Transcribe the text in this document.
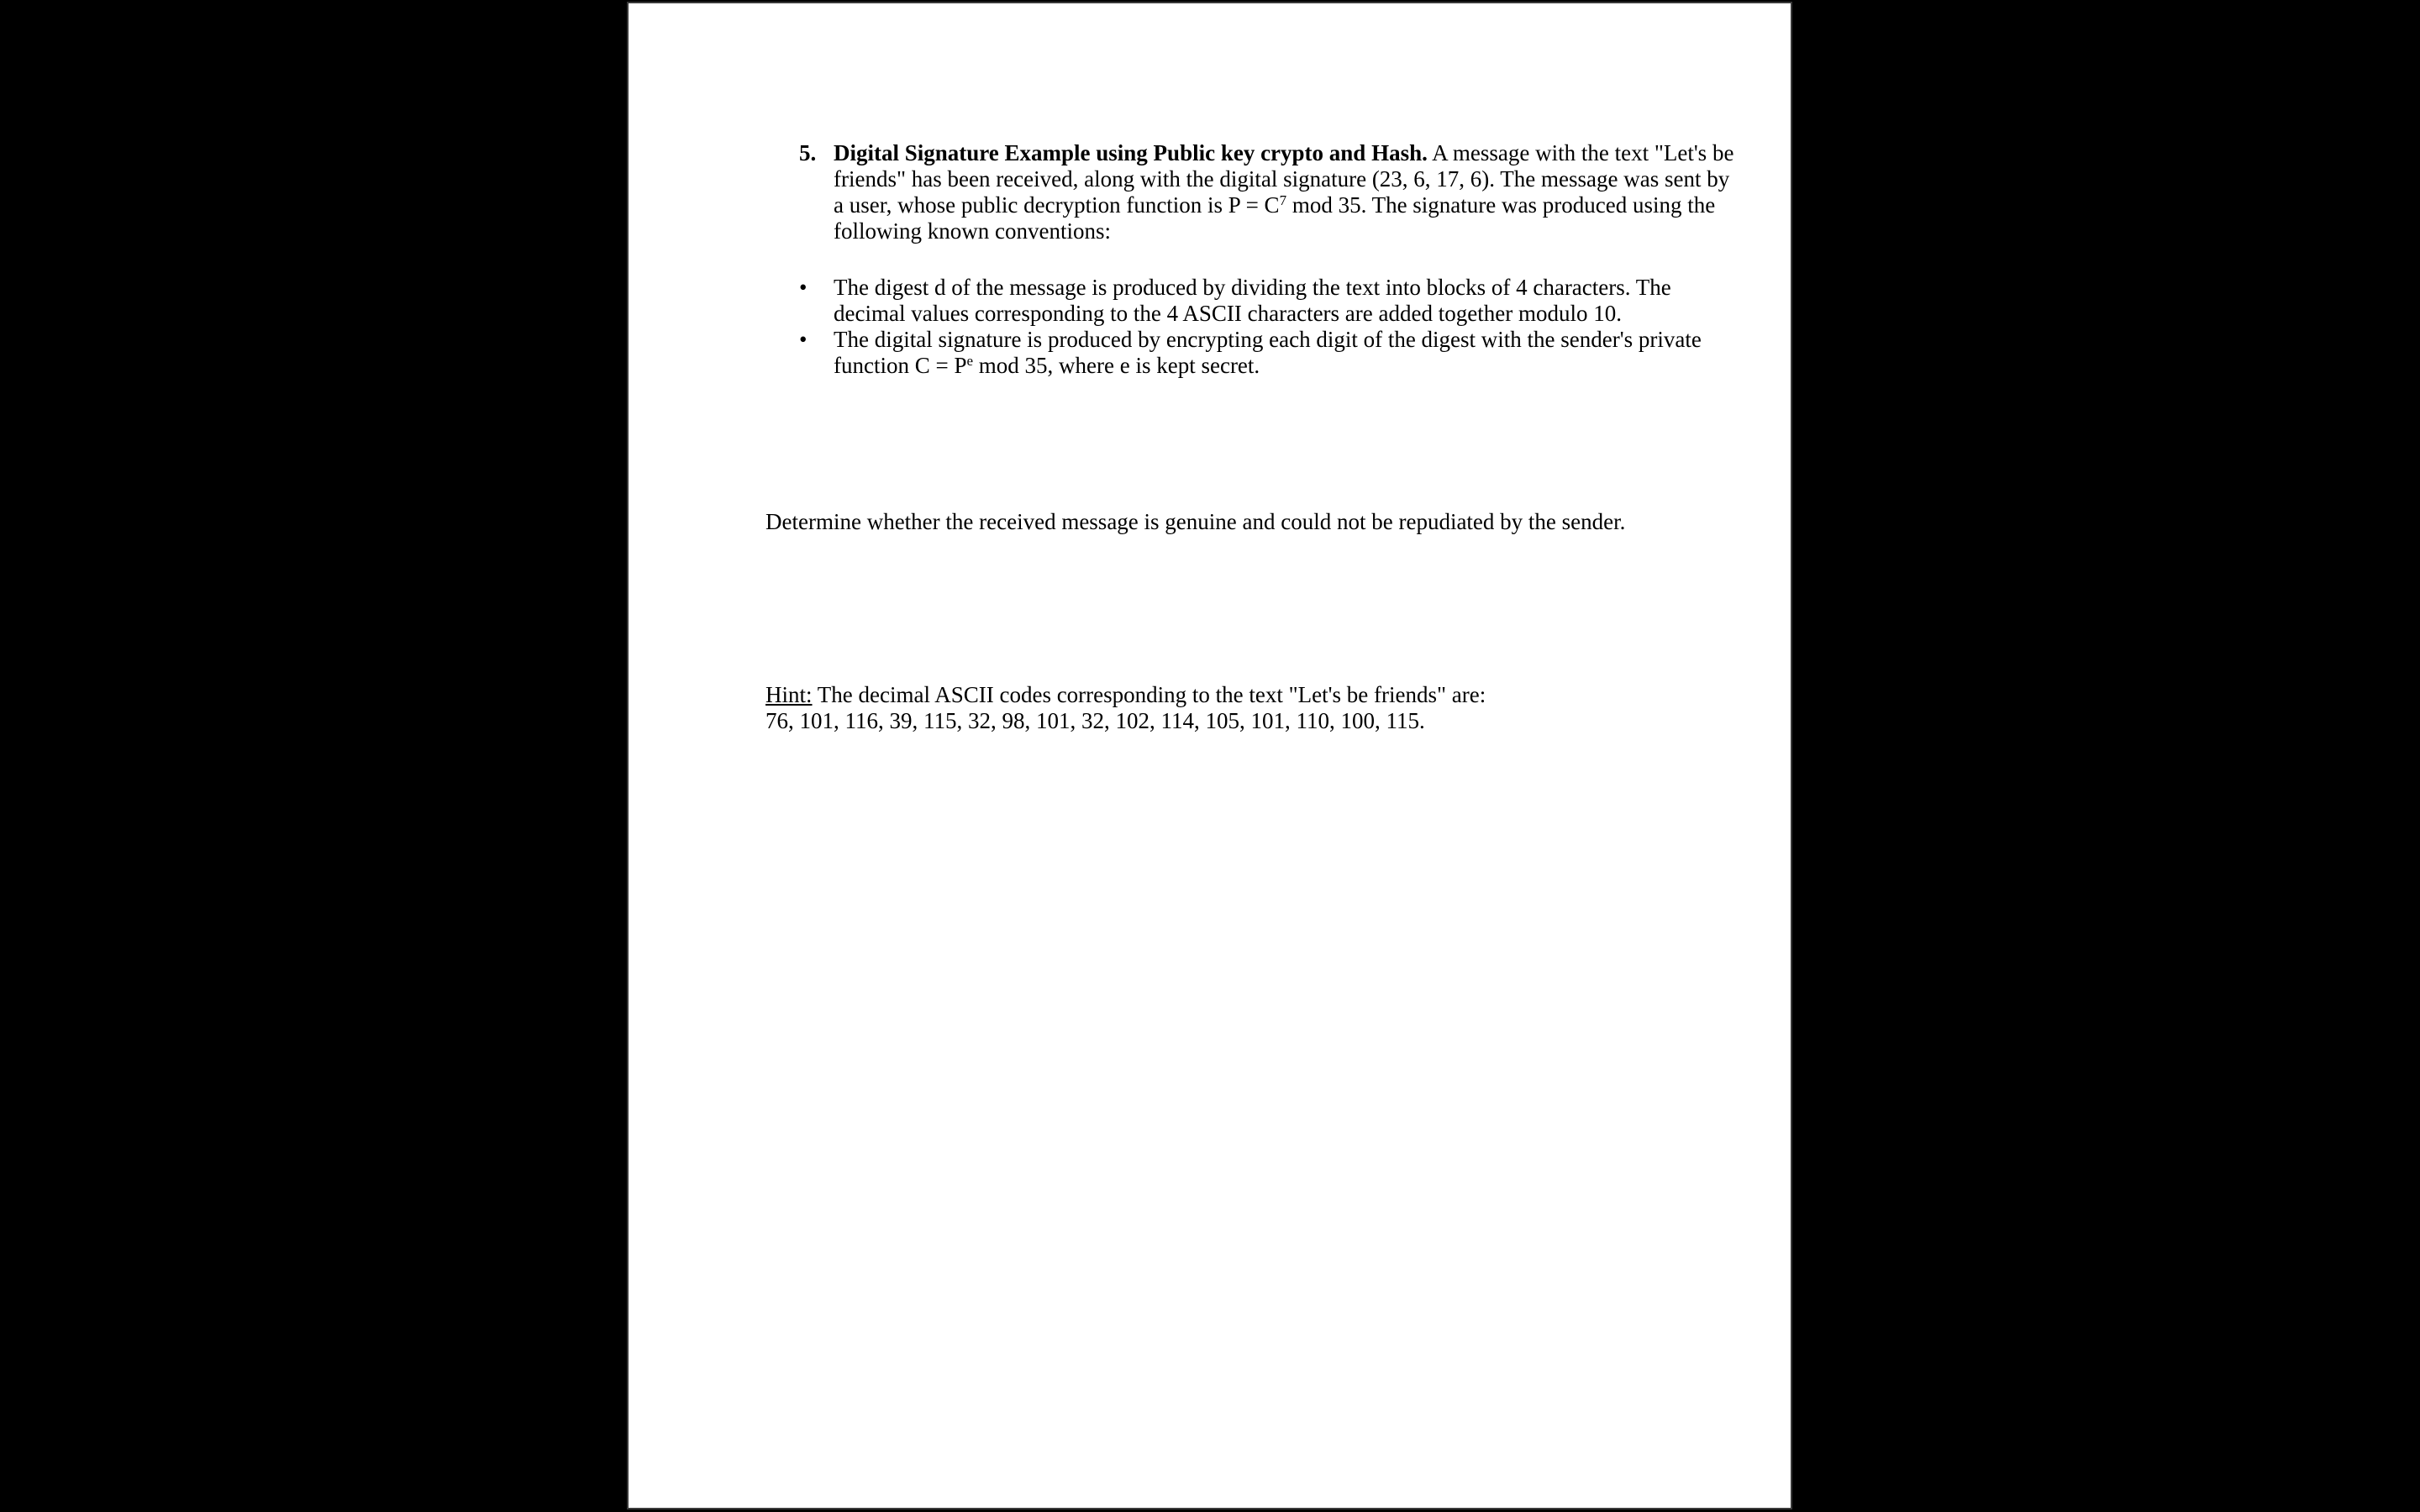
5. Digital Signature Example using Public key crypto and Hash. A message with the text "Let's be friends" has been received, along with the digital signature (23, 6, 17, 6). The message was sent by a user, whose public decryption function is $P = C^7$ mod 35. The signature was produced using the following known conventions:
•	The digest d of the message is produced by dividing the text into blocks of 4 characters. The decimal values corresponding to the 4 ASCII characters are added together modulo 10.
•	The digital signature is produced by encrypting each digit of the digest with the sender's private function $C = P^e$ mod 35, where e is kept secret.
Determine whether the received message is genuine and could not be repudiated by the sender.
Hint: The decimal ASCII codes corresponding to the text "Let's be friends" are:
76, 101, 116, 39, 115, 32, 98, 101, 32, 102, 114, 105, 101, 110, 100, 115.
